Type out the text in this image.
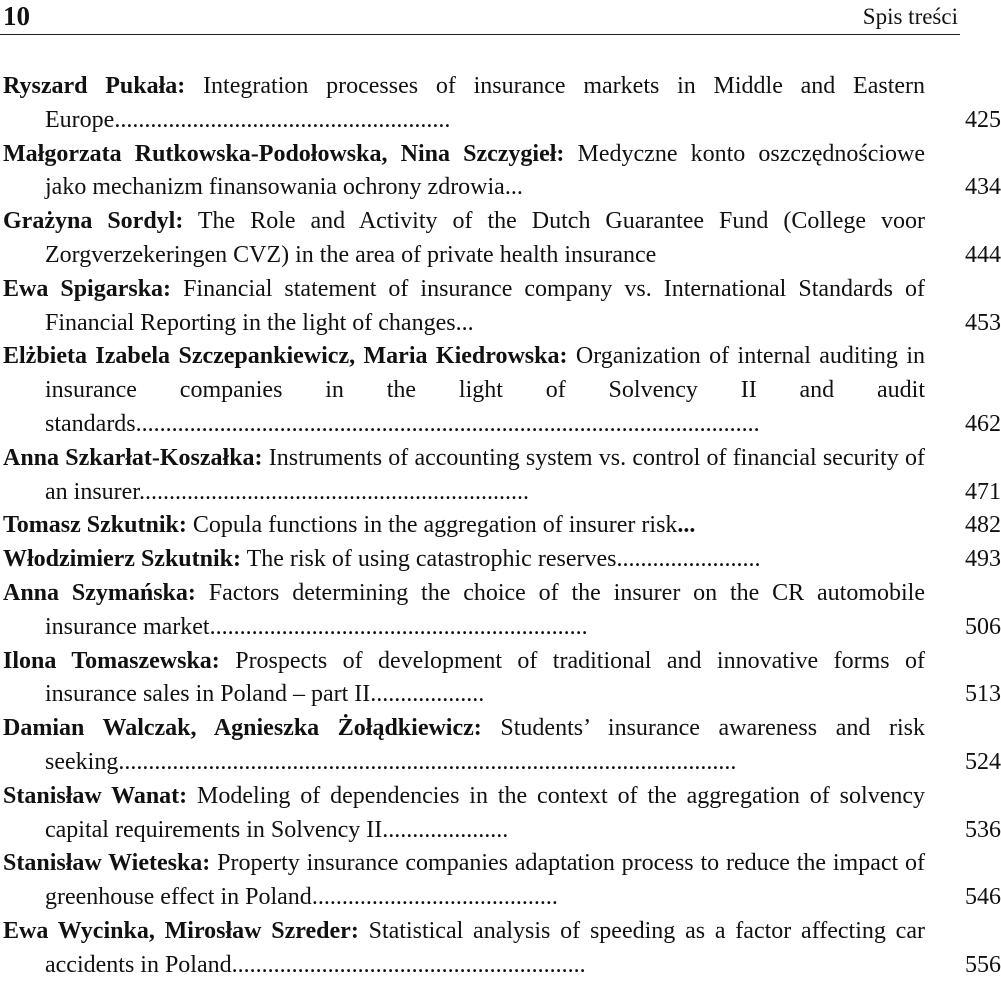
10	Spis treści
Ryszard Pukała: Integration processes of insurance markets in Middle and Eastern Europe........................................................	425
Małgorzata Rutkowska-Podołowska, Nina Szczygieł: Medyczne konto oszczędnościowe jako mechanizm finansowania ochrony zdrowia...	434
Grażyna Sordyl: The Role and Activity of the Dutch Guarantee Fund (College voor Zorgverzekeringen CVZ) in the area of private health insurance	444
Ewa Spigarska: Financial statement of insurance company vs. International Standards of Financial Reporting in the light of changes...	453
Elżbieta Izabela Szczepankiewicz, Maria Kiedrowska: Organization of internal auditing in insurance companies in the light of Solvency II and audit standards........................................................................................................	462
Anna Szkarłat-Koszałka: Instruments of accounting system vs. control of financial security of an insurer.................................................................	471
Tomasz Szkutnik: Copula functions in the aggregation of insurer risk...	482
Włodzimierz Szkutnik: The risk of using catastrophic reserves........................	493
Anna Szymańska: Factors determining the choice of the insurer on the CR automobile insurance market...............................................................	506
Ilona Tomaszewska: Prospects of development of traditional and innovative forms of insurance sales in Poland – part II...................	513
Damian Walczak, Agnieszka Żołądkiewicz: Students’ insurance awareness and risk seeking.......................................................................................................	524
Stanisław Wanat: Modeling of dependencies in the context of the aggregation of solvency capital requirements in Solvency II.....................	536
Stanisław Wieteska: Property insurance companies adaptation process to reduce the impact of greenhouse effect in Poland.........................................	546
Ewa Wycinka, Mirosław Szreder: Statistical analysis of speeding as a factor affecting car accidents in Poland...........................................................	556
